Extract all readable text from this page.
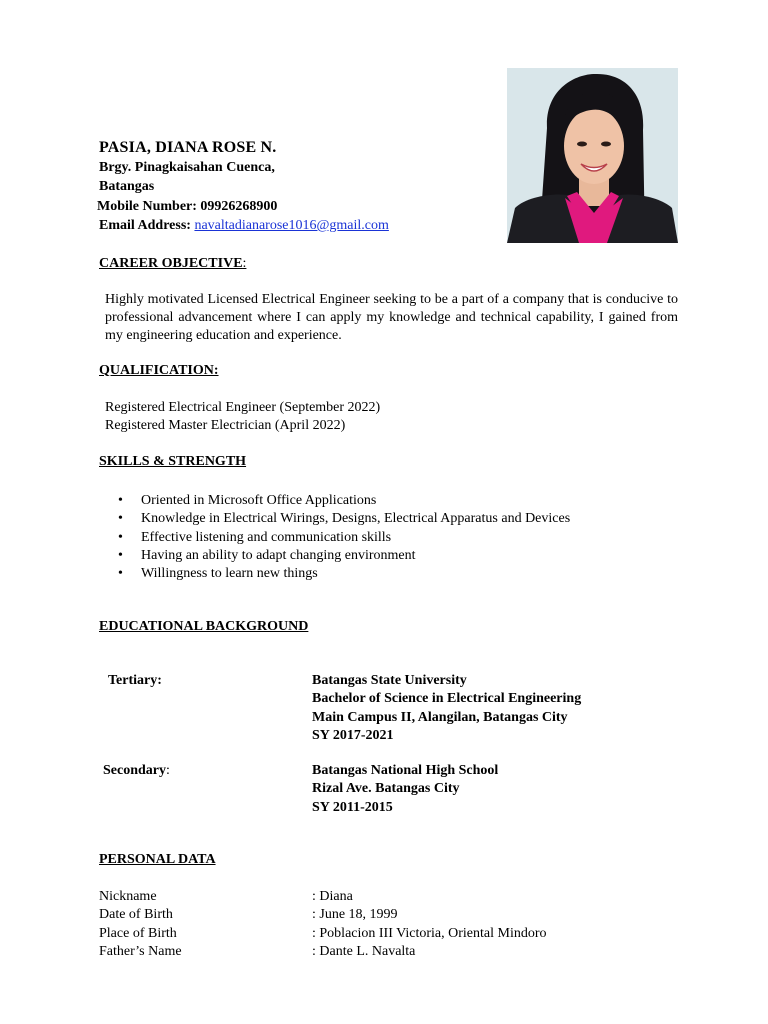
PASIA, DIANA ROSE N.
Brgy. Pinagkaisahan Cuenca,
Batangas
Mobile Number: 09926268900
Email Address: navaltadianarose1016@gmail.com
CAREER OBJECTIVE:
Highly motivated Licensed Electrical Engineer seeking to be a part of a company that is conducive to professional advancement where I can apply my knowledge and technical capability, I gained from my engineering education and experience.
QUALIFICATION:
Registered Electrical Engineer (September 2022)
Registered Master Electrician (April 2022)
SKILLS & STRENGTH
• Oriented in Microsoft Office Applications
• Knowledge in Electrical Wirings, Designs, Electrical Apparatus and Devices
• Effective listening and communication skills
• Having an ability to adapt changing environment
• Willingness to learn new things
EDUCATIONAL BACKGROUND
Tertiary:	Batangas State University
Bachelor of Science in Electrical Engineering
Main Campus II, Alangilan, Batangas City
SY 2017-2021
Secondary:	Batangas National High School
Rizal Ave. Batangas City
SY 2011-2015
PERSONAL DATA
Nickname
Date of Birth
Place of Birth
Father’s Name
: Diana
: June 18, 1999
: Poblacion III Victoria, Oriental Mindoro
: Dante L. Navalta
